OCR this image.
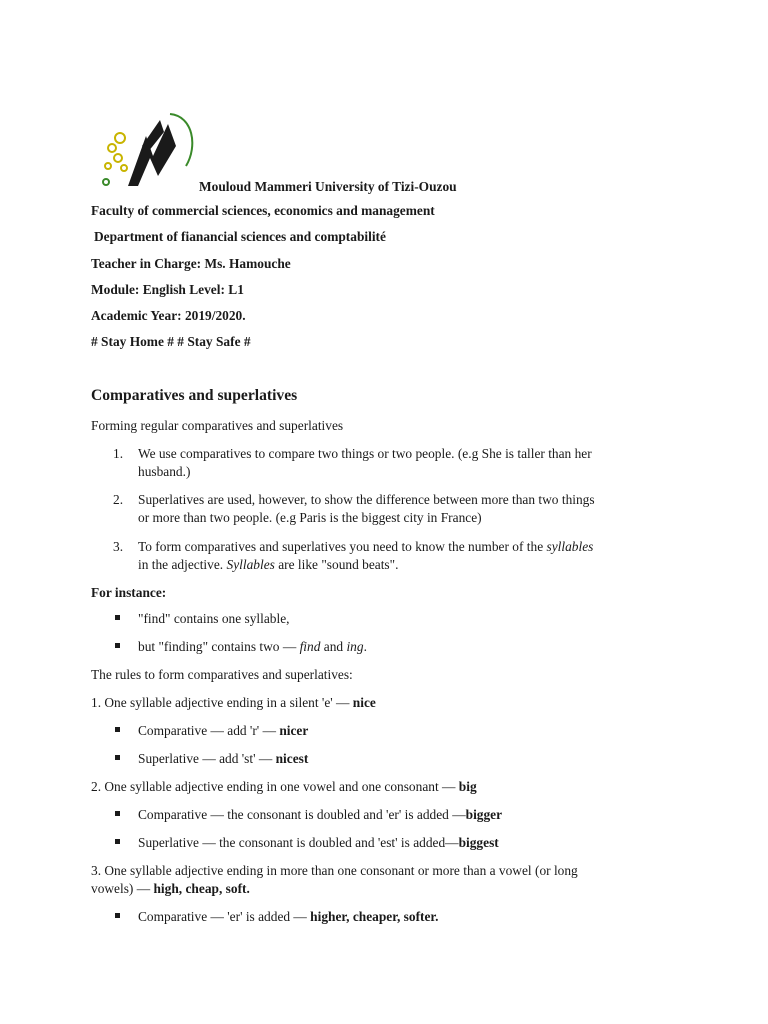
Mouloud Mammeri University of Tizi-Ouzou
Faculty of commercial sciences, economics and management
Department of fianancial sciences and comptabilité
Teacher in Charge: Ms. Hamouche
Module: English Level: L1
Academic Year: 2019/2020.
# Stay Home # # Stay Safe #
Comparatives and superlatives
Forming regular comparatives and superlatives
1. We use comparatives to compare two things or two people. (e.g She is taller than her
husband.)
2. Superlatives are used, however, to show the difference between more than two things
or more than two people. (e.g Paris is the biggest city in France)
3. To form comparatives and superlatives you need to know the number of the syllables
in the adjective. Syllables are like "sound beats".
For instance:
"find" contains one syllable,
but "finding" contains two — find and ing.
The rules to form comparatives and superlatives:
1. One syllable adjective ending in a silent 'e' — nice
Comparative — add 'r' — nicer
Superlative — add 'st' — nicest
2. One syllable adjective ending in one vowel and one consonant — big
Comparative — the consonant is doubled and 'er' is added —bigger
Superlative — the consonant is doubled and 'est' is added—biggest
3. One syllable adjective ending in more than one consonant or more than a vowel (or long
vowels) — high, cheap, soft.
Comparative — 'er' is added — higher, cheaper, softer.
